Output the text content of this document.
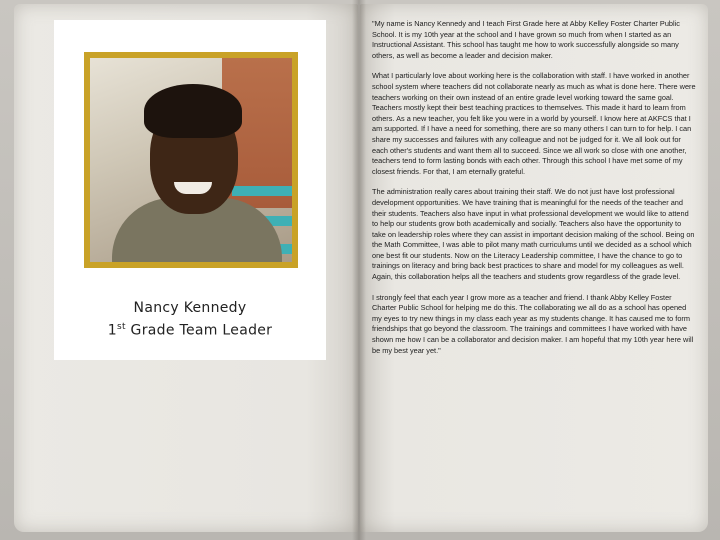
Nancy Kennedy
1st Grade Team Leader

"My name is Nancy Kennedy and I teach First Grade here at Abby Kelley Foster Charter Public School. It is my 10th year at the school and I have grown so much from when I started as an Instructional Assistant. This school has taught me how to work successfully alongside so many others, as well as become a leader and decision maker.

What I particularly love about working here is the collaboration with staff. I have worked in another school system where teachers did not collaborate nearly as much as what is done here. There were teachers working on their own instead of an entire grade level working toward the same goal. Teachers mostly kept their best teaching practices to themselves. This made it hard to learn from others. As a new teacher, you felt like you were in a world by yourself. I know here at AKFCS that I am supported. If I have a need for something, there are so many others I can turn to for help. I can share my successes and failures with any colleague and not be judged for it. We all look out for each other's students and want them all to succeed. Since we all work so close with one another, teachers tend to form lasting bonds with each other. Through this school I have met some of my closest friends. For that, I am eternally grateful.

The administration really cares about training their staff. We do not just have lost professional development opportunities. We have training that is meaningful for the needs of the teacher and their students. Teachers also have input in what professional development we would like to attend to help our students grow both academically and socially. Teachers also have the opportunity to take on leadership roles where they can assist in important decision making of the school. Being on the Math Committee, I was able to pilot many math curriculums until we decided as a school which one best fit our students. Now on the Literacy Leadership committee, I have the chance to go to trainings on literacy and bring back best practices to share and model for my colleagues as well. Again, this collaboration helps all the teachers and students grow regardless of the grade level.

I strongly feel that each year I grow more as a teacher and friend. I thank Abby Kelley Foster Charter Public School for helping me do this. The collaborating we all do as a school has opened my eyes to try new things in my class each year as my students change. It has caused me to form friendships that go beyond the classroom. The trainings and committees I have worked with have shown me how I can be a collaborator and decision maker. I am hopeful that my 10th year here will be my best year yet."
